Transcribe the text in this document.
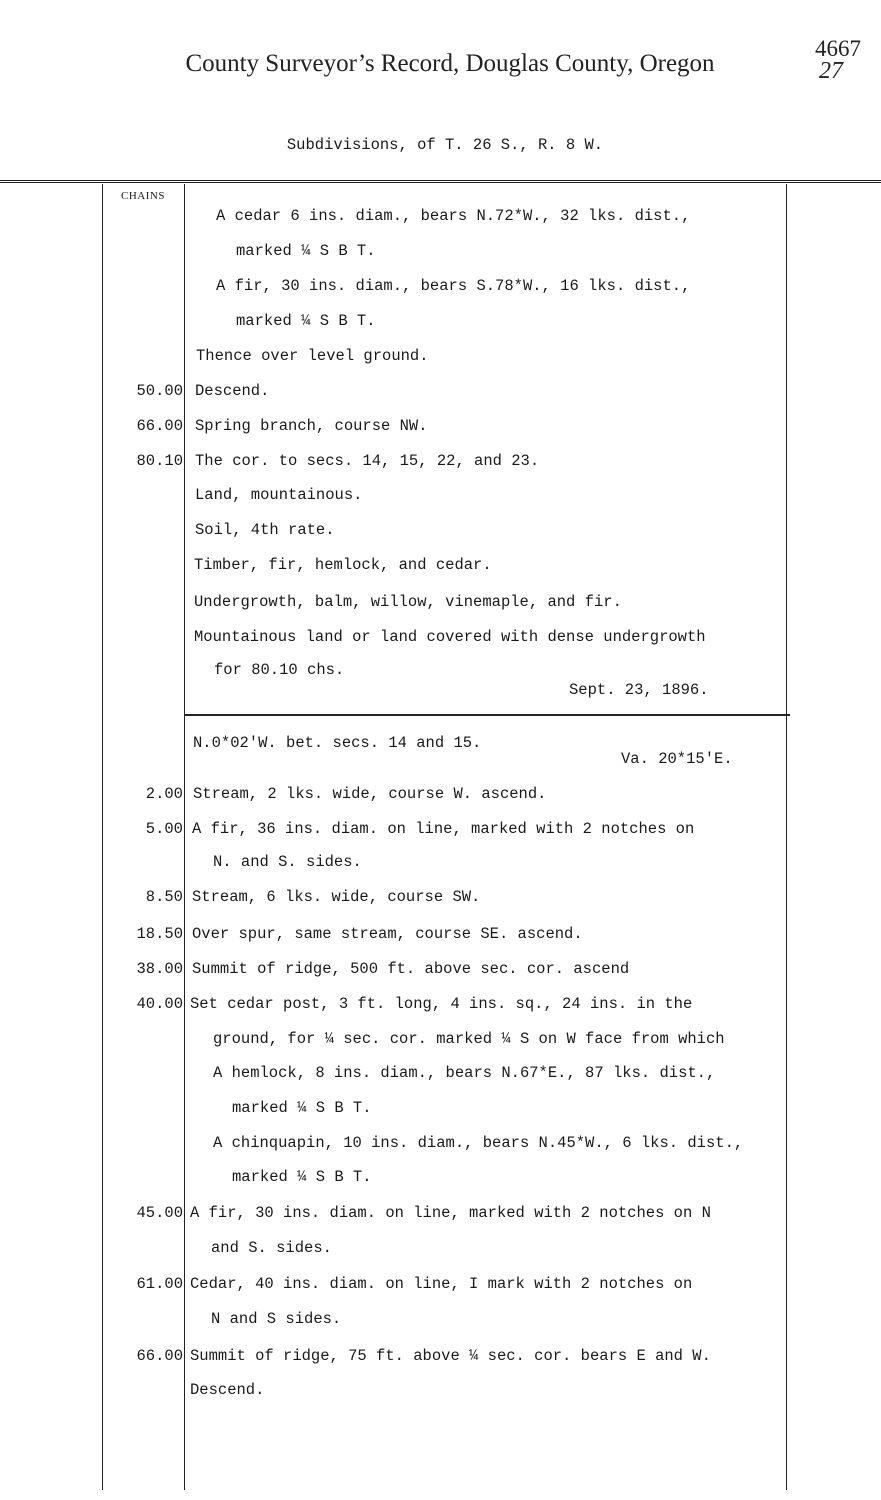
County Surveyor’s Record, Douglas County, Oregon
4667
27
Subdivisions, of T. 26 S., R. 8 W.
CHAINS
A cedar 6 ins. diam., bears N.72*W., 32 lks. dist.,
marked ¼ S B T.
A fir, 30 ins. diam., bears S.78*W., 16 lks. dist.,
marked ¼ S B T.
Thence over level ground.
50.00 Descend.
66.00 Spring branch, course NW.
80.10 The cor. to secs. 14, 15, 22, and 23.
Land, mountainous.
Soil, 4th rate.
Timber, fir, hemlock, and cedar.
Undergrowth, balm, willow, vinemaple, and fir.
Mountainous land or land covered with dense undergrowth
for 80.10 chs.
Sept. 23, 1896.
N.0*02'W. bet. secs. 14 and 15.
Va. 20*15'E.
2.00 Stream, 2 lks. wide, course W. ascend.
5.00 A fir, 36 ins. diam. on line, marked with 2 notches on
N. and S. sides.
8.50 Stream, 6 lks. wide, course SW.
18.50 Over spur, same stream, course SE. ascend.
38.00 Summit of ridge, 500 ft. above sec. cor. ascend
40.00 Set cedar post, 3 ft. long, 4 ins. sq., 24 ins. in the
ground, for ¼ sec. cor. marked ¼ S on W face from which
A hemlock, 8 ins. diam., bears N.67*E., 87 lks. dist.,
marked ¼ S B T.
A chinquapin, 10 ins. diam., bears N.45*W., 6 lks. dist.,
marked ¼ S B T.
45.00 A fir, 30 ins. diam. on line, marked with 2 notches on N
and S. sides.
61.00 Cedar, 40 ins. diam. on line, I mark with 2 notches on
N and S sides.
66.00 Summit of ridge, 75 ft. above ¼ sec. cor. bears E and W.
Descend.
